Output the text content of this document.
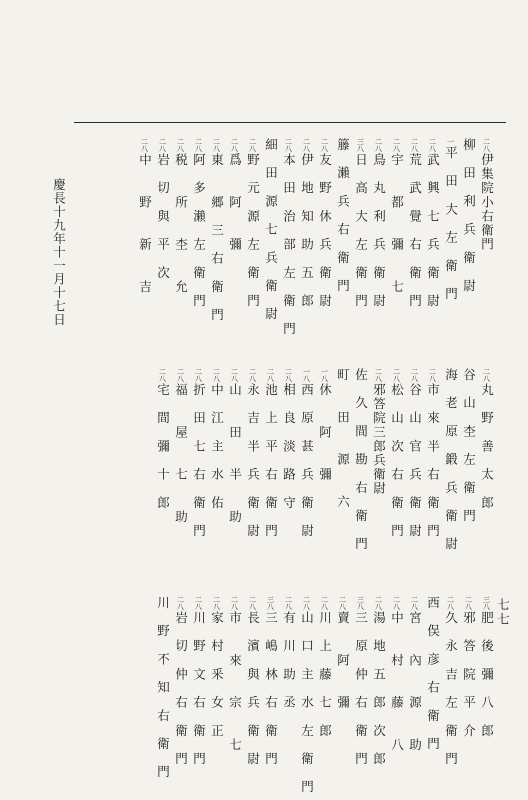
慶長十九年十一月十七日
七七
二八伊集院小右衛門
二八丸　野　善　太　郎
三八肥　後　彌　八　郎
柳　田　利　兵　衛　尉
谷　山　杢　左　衛　門
二八邪　答　院　平　介
一平　田　大　左　衛　門
海　老　原　鍛　兵　衛　尉
二八久　永　吉　左　衛　門
二八武　興　七　兵　衛　尉
二八市　來　半　右　衛　門
西　俣　彦　右　衛　門
二八荒　武　覺　右　衛　門
二八谷　山　官　兵　衛　尉
二八宮　　內　　源　　助
二八宇　　都　　彌　　七
二八松　山　次　右　衛　門
二八中　　村　　藤　　八
二八鳥　丸　利　兵　衛　尉
二八邪答院三郎兵衛尉
二八湯　地　五　郎　次　郎
三八日　高　大　左　衛　門
佐　久　間　勘　右　衛　門
三八三　原　仲　右　衛　門
籐　瀨　兵　右　衛　門
町　　田　　源　　六
二八賣　　阿　　彌
二八友　野　休　兵　衛　尉
一八休　　阿　　彌
二八川　上　藤　七　郎
二八伊　地　知　助　五　郎
一八西　原　甚　兵　衛　尉
二八山　口　主　水　左　衛　門
二八本　田　治　部　左　衛　門
二八相　良　淡　路　守
二八有　川　助　丞
細　田　源　七　兵　衛　尉
二八池　上　平　右　衛　門
三八三　嶋　林　右　衛　門
二八野　元　源　左　衛　門
二八永　吉　半　兵　衛　尉
二八長　濱　與　兵　衛　尉
二八爲　　阿　　彌
二八山　　田　　半　　助
二八市　　來　　宗　　七
二八東　　郷　三　右　衛　門
二八中　江　主　水　佑
二八家　村　釆　女　正
二八阿　多　瀨　左　衛　門
二八折　田　七　右　衛　門
二八川　野　文　右　衛　門
二八税　　所　　杢　　允
二八福　　屋　　七　　助
二八岩　切　仲　右　衛　門
二八岩　切　與　平　次
二八宅　間　彌　十　郎
川　野　不　知　右　衛　門
二八中　　野　　新　　吉
